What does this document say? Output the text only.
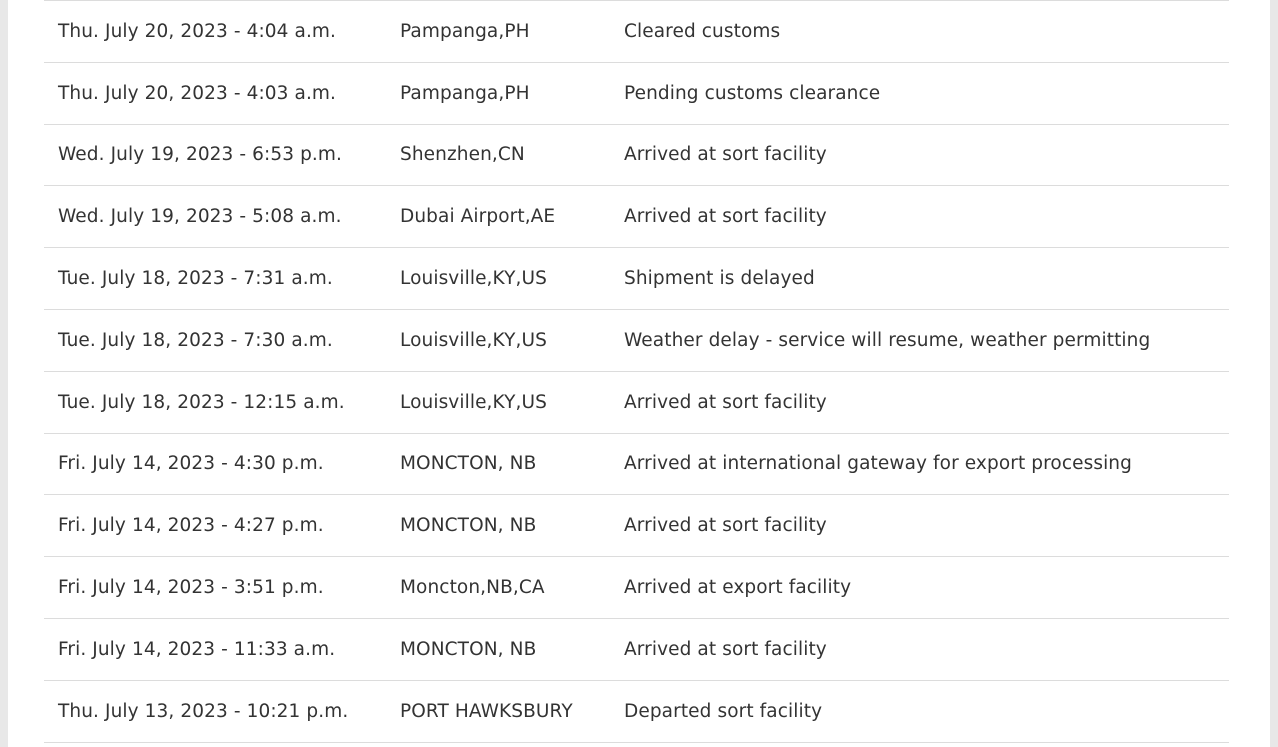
Thu. July 20, 2023 - 4:04 a.m.	Pampanga,PH	Cleared customs
Thu. July 20, 2023 - 4:03 a.m.	Pampanga,PH	Pending customs clearance
Wed. July 19, 2023 - 6:53 p.m.	Shenzhen,CN	Arrived at sort facility
Wed. July 19, 2023 - 5:08 a.m.	Dubai Airport,AE	Arrived at sort facility
Tue. July 18, 2023 - 7:31 a.m.	Louisville,KY,US	Shipment is delayed
Tue. July 18, 2023 - 7:30 a.m.	Louisville,KY,US	Weather delay - service will resume, weather permitting
Tue. July 18, 2023 - 12:15 a.m.	Louisville,KY,US	Arrived at sort facility
Fri. July 14, 2023 - 4:30 p.m.	MONCTON, NB	Arrived at international gateway for export processing
Fri. July 14, 2023 - 4:27 p.m.	MONCTON, NB	Arrived at sort facility
Fri. July 14, 2023 - 3:51 p.m.	Moncton,NB,CA	Arrived at export facility
Fri. July 14, 2023 - 11:33 a.m.	MONCTON, NB	Arrived at sort facility
Thu. July 13, 2023 - 10:21 p.m.	PORT HAWKSBURY	Departed sort facility
